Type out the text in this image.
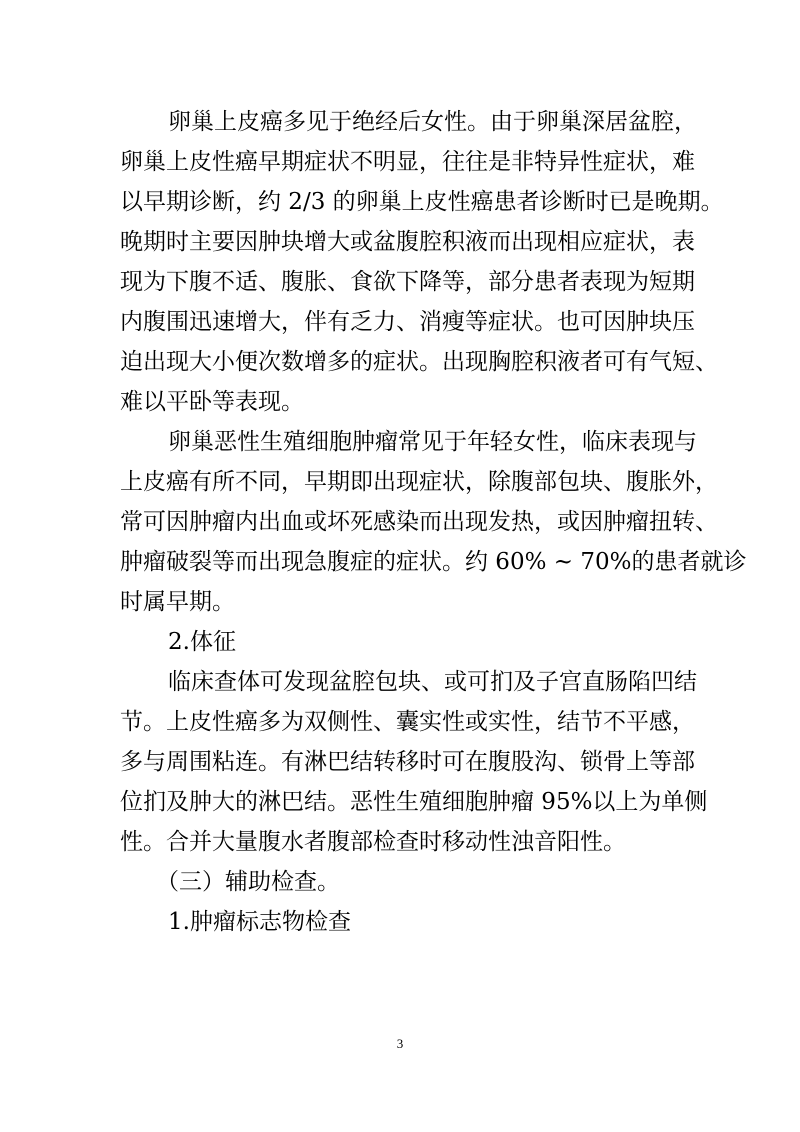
卵巢上皮癌多见于绝经后女性。由于卵巢深居盆腔，
卵巢上皮性癌早期症状不明显，往往是非特异性症状，难
以早期诊断，约 2/3 的卵巢上皮性癌患者诊断时已是晚期。
晚期时主要因肿块增大或盆腹腔积液而出现相应症状，表
现为下腹不适、腹胀、食欲下降等，部分患者表现为短期
内腹围迅速增大，伴有乏力、消瘦等症状。也可因肿块压
迫出现大小便次数增多的症状。出现胸腔积液者可有气短、
难以平卧等表现。
卵巢恶性生殖细胞肿瘤常见于年轻女性，临床表现与
上皮癌有所不同，早期即出现症状，除腹部包块、腹胀外，
常可因肿瘤内出血或坏死感染而出现发热，或因肿瘤扭转、
肿瘤破裂等而出现急腹症的症状。约 60% ~ 70%的患者就诊
时属早期。
2.体征
临床查体可发现盆腔包块、或可扪及子宫直肠陷凹结
节。上皮性癌多为双侧性、囊实性或实性，结节不平感，
多与周围粘连。有淋巴结转移时可在腹股沟、锁骨上等部
位扪及肿大的淋巴结。恶性生殖细胞肿瘤 95%以上为单侧
性。合并大量腹水者腹部检查时移动性浊音阳性。
（三）辅助检查。
1.肿瘤标志物检查
3
